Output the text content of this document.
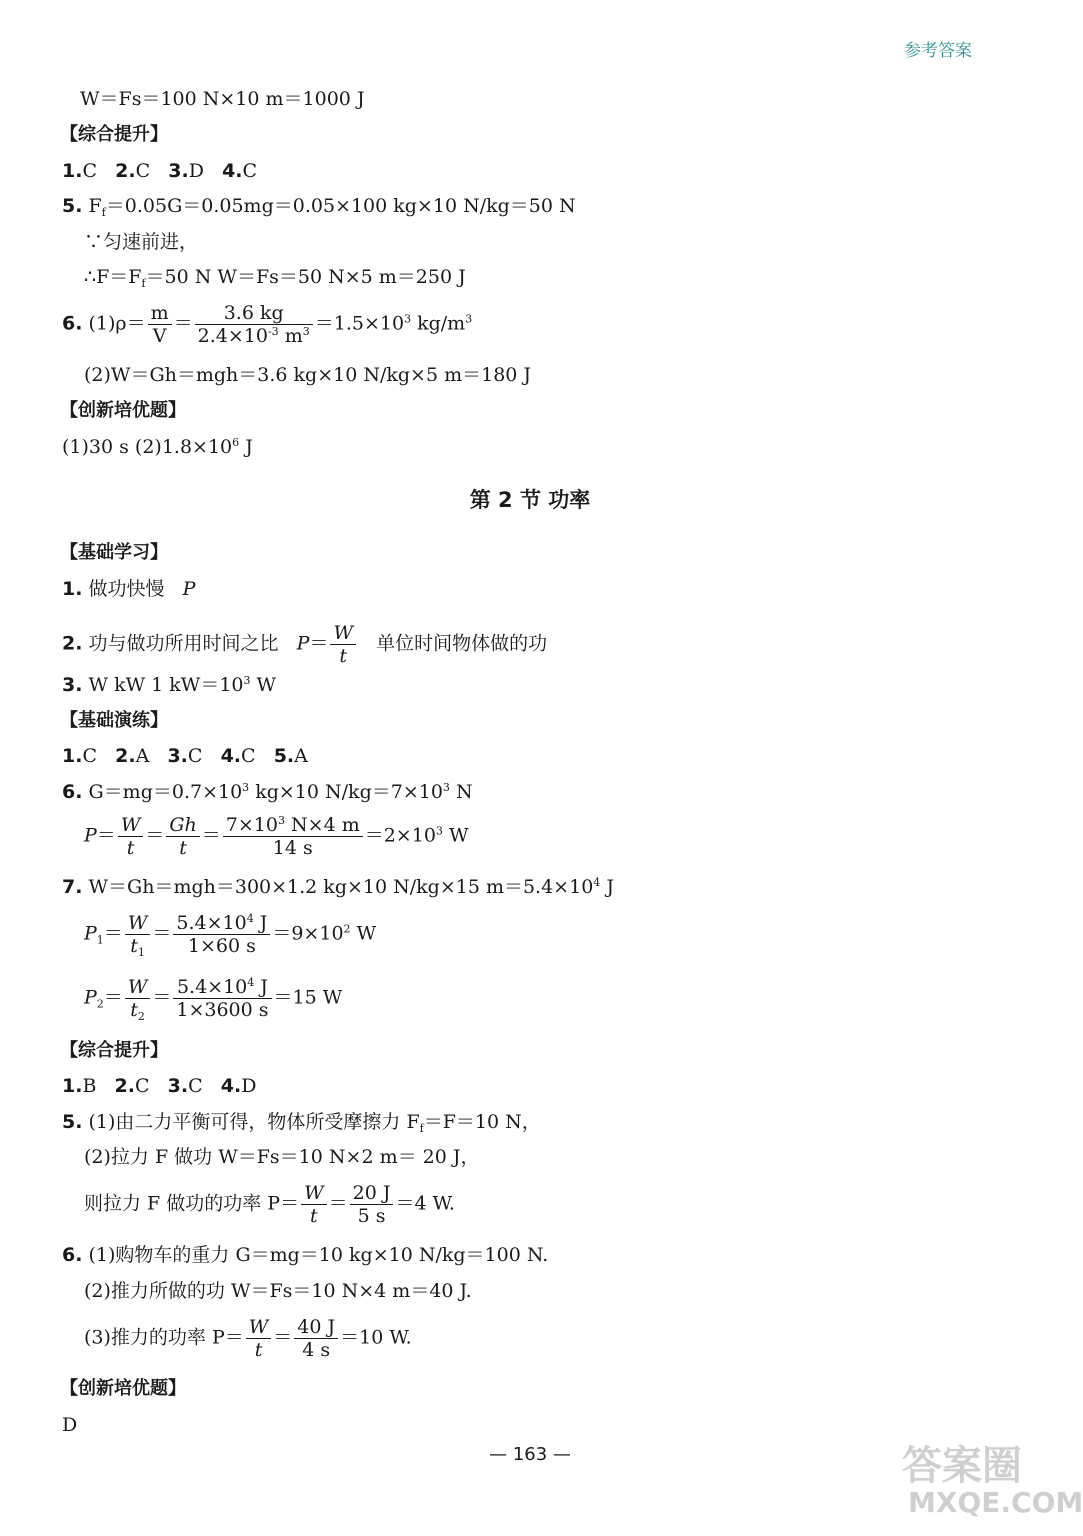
参考答案
W＝Fs＝100 N×10 m＝1000 J
【综合提升】
1.C 2.C 3.D 4.C
5. $F_f=0.05G=0.05mg=0.05\times 100$ kg×10 N/kg＝50 N
∵匀速前进，
$\therefore F=F_f=50$ N W＝Fs＝50 N×5 m＝250 J
6. $(1)\rho= \frac{m}{V} = \frac{3.6 kg}{2.4\times 10^{-3} m^3} =1.5\times 10^3$ $kg/m^3$
(2)W＝Gh＝mgh＝3.6 kg×10 N/kg×5 m＝180 J
【创新培优题】
(1)30 s $(2)1.8\times 10^6$ J
第 2 节 功率
【基础学习】
1. 做功快慢 P
2. 功与做功所用时间之比 $P= \frac{W}{t}$ 单位时间物体做的功
3. W kW 1 $kW=10^3$ W
【基础演练】
1.C 2.A 3.C 4.C 5.A
6. $G=mg=0.7\times 10^3$ kg×10 $N/kg=7\times 10^3$ N
$P= \frac{W}{t} = \frac{Gh}{t} = \frac{7\times 10^3 N\times 4 m}{14 s} =2\times 10^3$ W
7. W＝Gh＝mgh＝300×1.2 kg×10 N/kg×15 $m=5.4\times 10^4$ J
$P_1= \frac{W}{t_1} = \frac{5.4\times 10^4 J}{1\times 60 s} =9\times 10^2$ W
$P_2= \frac{W}{t_2} = \frac{5.4\times 10^4 J}{1\times 3600 s} =15$ W
【综合提升】
1.B 2.C 3.C 4.D
5. (1)由二力平衡可得，物体所受摩擦力 $F_f=F=10$ N，
(2)拉力 F 做功 W＝Fs＝10 N×2 m＝ 20 J，
则拉力 F 做功的功率 $P= \frac{W}{t} = \frac{20 J}{5 s} =4$ W.
6. (1)购物车的重力 G＝mg＝10 kg×10 N/kg＝100 N.
(2)推力所做的功 W＝Fs＝10 N×4 m＝40 J.
(3)推力的功率 $P= \frac{W}{t} = \frac{40 J}{4 s} =10$ W.
【创新培优题】
D
— 163 —	答案圈
MXQE.COM
